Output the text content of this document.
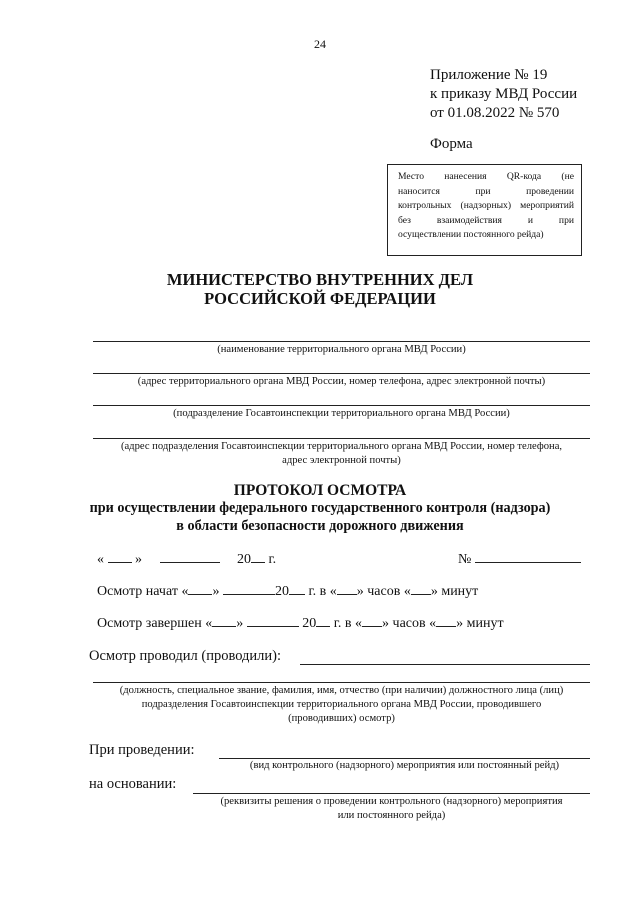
24
Приложение № 19
к приказу МВД России
от 01.08.2022 № 570
Форма
Место нанесения QR-кода (не
наносится при проведении
контрольных (надзорных) мероприятий
без взаимодействия и при
осуществлении постоянного рейда)
МИНИСТЕРСТВО ВНУТРЕННИХ ДЕЛ
РОССИЙСКОЙ ФЕДЕРАЦИИ
(наименование территориального органа МВД России)
(адрес территориального органа МВД России, номер телефона, адрес электронной почты)
(подразделение Госавтоинспекции территориального органа МВД России)
(адрес подразделения Госавтоинспекции территориального органа МВД России, номер телефона,
адрес электронной почты)
ПРОТОКОЛ ОСМОТРА
при осуществлении федерального государственного контроля (надзора)
в области безопасности дорожного движения
« »	20 г.	№
Осмотр начат « »	20 г. в « » часов « » минут
Осмотр завершен « »	20 г. в « » часов « » минут
Осмотр проводил (проводили):
(должность, специальное звание, фамилия, имя, отчество (при наличии) должностного лица (лиц)
подразделения Госавтоинспекции территориального органа МВД России, проводившего
(проводивших) осмотр)
При проведении:
(вид контрольного (надзорного) мероприятия или постоянный рейд)
на основании:
(реквизиты решения о проведении контрольного (надзорного) мероприятия
или постоянного рейда)
